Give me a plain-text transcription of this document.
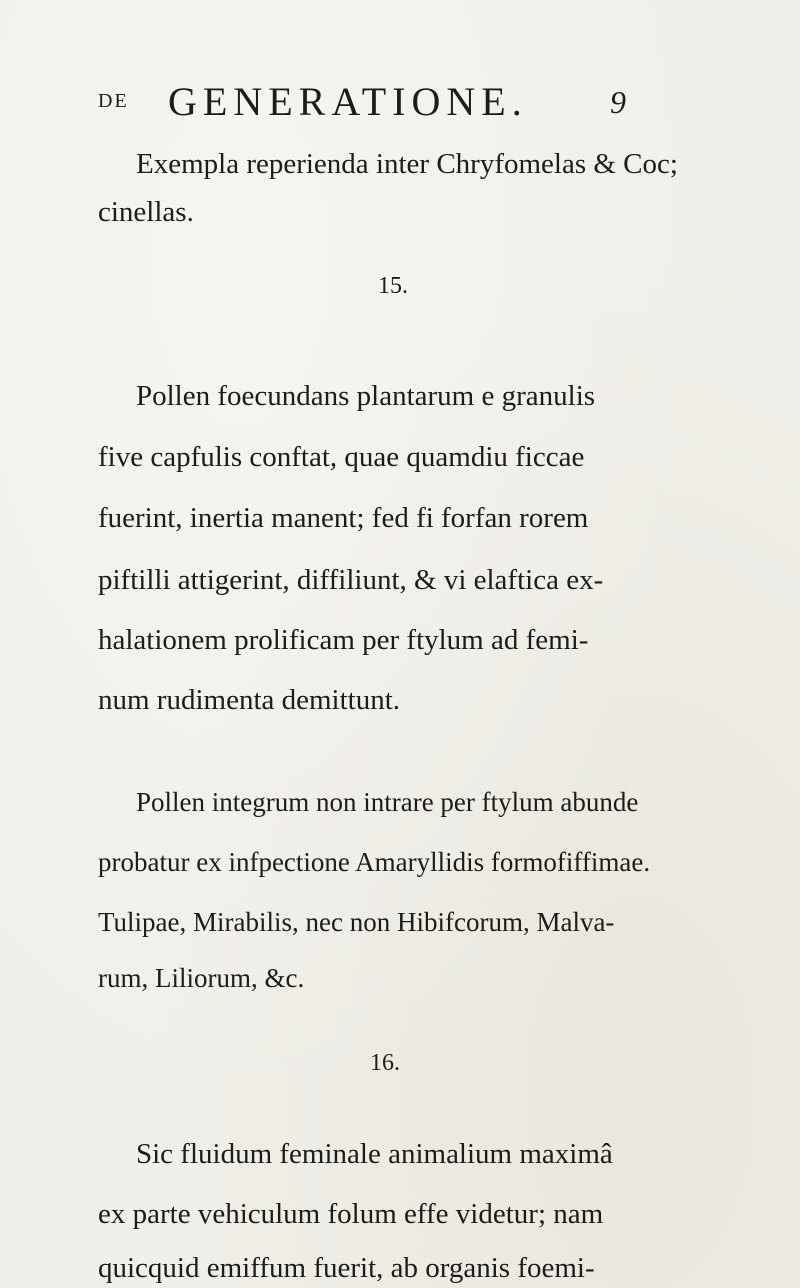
DE GENERATIONE.	9
Exempla reperienda inter Chryfomelas & Coc;
cinellas.
15.
Pollen foecundans plantarum e granulis
five capfulis conftat, quae quamdiu ficcae
fuerint, inertia manent; fed fi forfan rorem
piftilli attigerint, diffiliunt, & vi elaftica ex-
halationem prolificam per ftylum ad femi-
num rudimenta demittunt.
Pollen integrum non intrare per ftylum abunde
probatur ex infpectione Amaryllidis formofiffimae.
Tulipae, Mirabilis, nec non Hibifcorum, Malva-
rum, Liliorum, &c.
16.
Sic fluidum feminale animalium maximâ
ex parte vehiculum folum effe videtur; nam
quicquid emiffum fuerit, ab organis foemi-
